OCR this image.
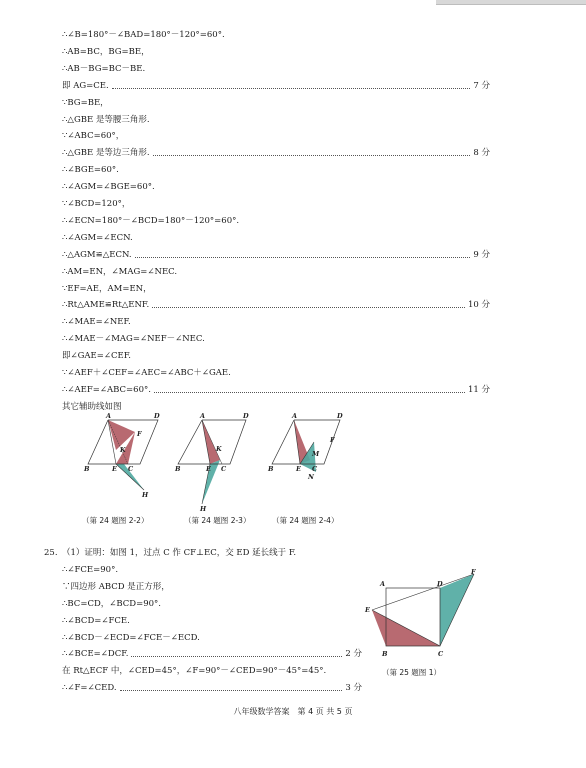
∴∠B=180°－∠BAD=180°－120°=60°.
∴AB=BC，BG=BE，
∴AB－BG=BC－BE.
即 AG=CE.	7 分
∵BG=BE，
∴△GBE 是等腰三角形.
∵∠ABC=60°，
∴△GBE 是等边三角形.	8 分
∴∠BGE=60°.
∴∠AGM=∠BGE=60°.
∵∠BCD=120°，
∴∠ECN=180°－∠BCD=180°－120°=60°.
∴∠AGM=∠ECN.
∴△AGM≌△ECN.	9 分
∴AM=EN，∠MAG=∠NEC.
∵EF=AE，AM=EN，
∴Rt△AME≌Rt△ENF.	10 分
∴∠MAE=∠NEF.
∴∠MAE－∠MAG=∠NEF－∠NEC.
即∠GAE=∠CEF.
∵∠AEF＋∠CEF=∠AEC=∠ABC＋∠GAE.
∴∠AEF=∠ABC=60°.	11 分
其它辅助线如图
A	D
F
K
B	E C
H
（第 24 题图 2-2）
A	D
K
B	E C
H
（第 24 题图 2-3）
A	D
F
M
B	E C
N
（第 24 题图 2-4）
25. （1）证明：如图 1，过点 C 作 CF⊥EC，交 ED 延长线于 F.
∴∠FCE=90°.
∵四边形 ABCD 是正方形，
∴BC=CD，∠BCD=90°.
∴∠BCD=∠FCE.
∴∠BCD－∠ECD=∠FCE－∠ECD.
∴∠BCE=∠DCF.	2 分
在 Rt△ECF 中，∠CED=45°，∠F=90°－∠CED=90°－45°=45°.
∴∠F=∠CED.	3 分
A	D
F
E
B	C
（第 25 题图 1）
八年级数学答案　第 4 页 共 5 页
